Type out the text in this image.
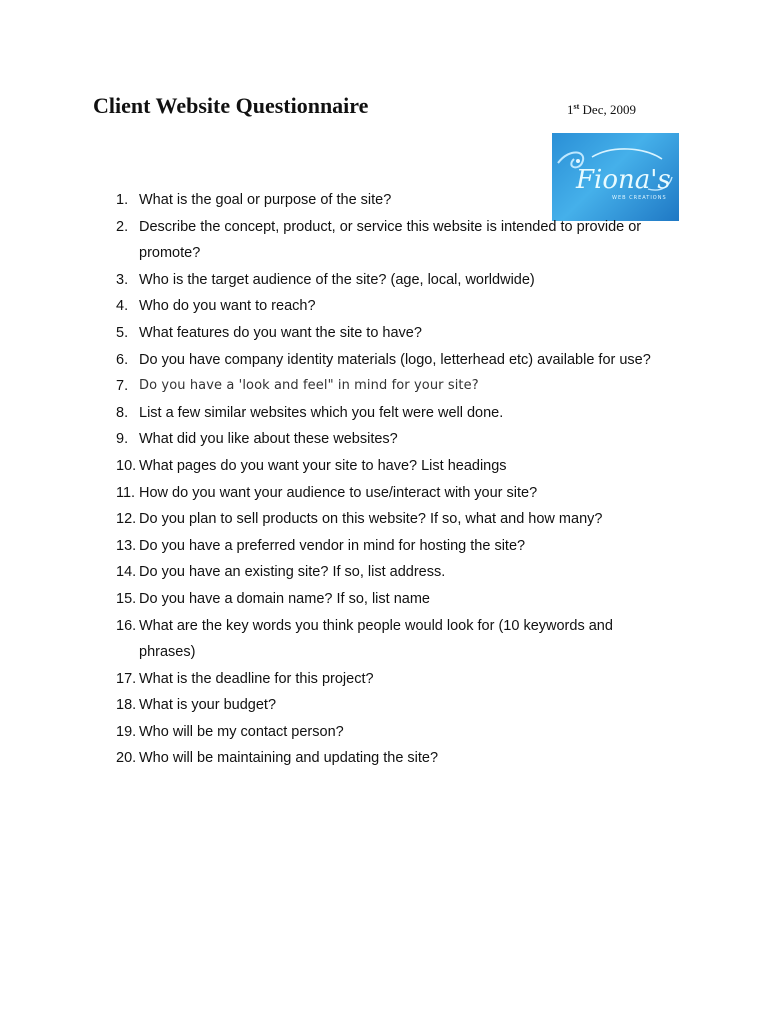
Client Website Questionnaire	1st Dec, 2009
Fiona's
WEB CREATIONS
1. What is the goal or purpose of the site?
2. Describe the concept, product, or service this website is intended to provide or promote?
3. Who is the target audience of the site? (age, local, worldwide)
4. Who do you want to reach?
5. What features do you want the site to have?
6. Do you have company identity materials (logo, letterhead etc) available for use?
7. Do you have a 'look and feel" in mind for your site?
8. List a few similar websites which you felt were well done.
9. What did you like about these websites?
10. What pages do you want your site to have? List headings
11. How do you want your audience to use/interact with your site?
12. Do you plan to sell products on this website? If so, what and how many?
13. Do you have a preferred vendor in mind for hosting the site?
14. Do you have an existing site? If so, list address.
15. Do you have a domain name? If so, list name
16. What are the key words you think people would look for (10 keywords and phrases)
17. What is the deadline for this project?
18. What is your budget?
19. Who will be my contact person?
20. Who will be maintaining and updating the site?
